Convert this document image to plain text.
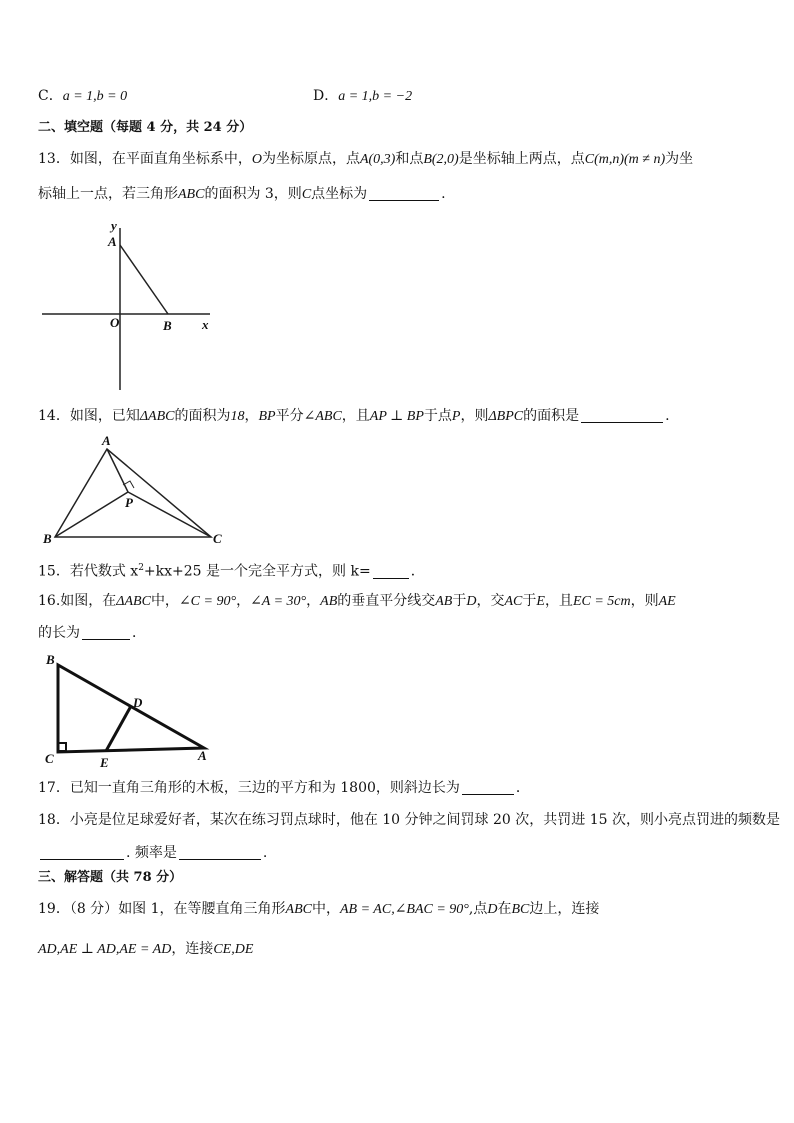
C．a = 1,b = 0	D．a = 1,b = −2
二、填空题（每题 4 分，共 24 分）
13．如图，在平面直角坐标系中，O为坐标原点，点A(0,3)和点B(2,0)是坐标轴上两点，点C(m,n)(m ≠ n)为坐
标轴上一点，若三角形ABC的面积为 3，则C点坐标为	.
y
A
O	B x
14．如图，已知ΔABC的面积为18，BP平分∠ABC，且AP ⊥ BP于点P，则ΔBPC的面积是	.
A
P
B	C
15．若代数式 $x^2+kx+25$ 是一个完全平方式，则 k=	．
16.如图，在ΔABC中，∠C = 90°，∠A = 30°，AB的垂直平分线交AB于D，交AC于E，且EC = 5cm，则AE
的长为	．
B
D
C	E	A
17．已知一直角三角形的木板，三边的平方和为 1800，则斜边长为	．
18．小亮是位足球爱好者，某次在练习罚点球时，他在 10 分钟之间罚球 20 次，共罚进 15 次，则小亮点罚进的频数是
. 频率是	.
三、解答题（共 78 分）
19．（8 分）如图 1，在等腰直角三角形ABC中，AB = AC,∠BAC = 90°,点D在BC边上，连接
AD,AE ⊥ AD,AE = AD，连接CE,DE
